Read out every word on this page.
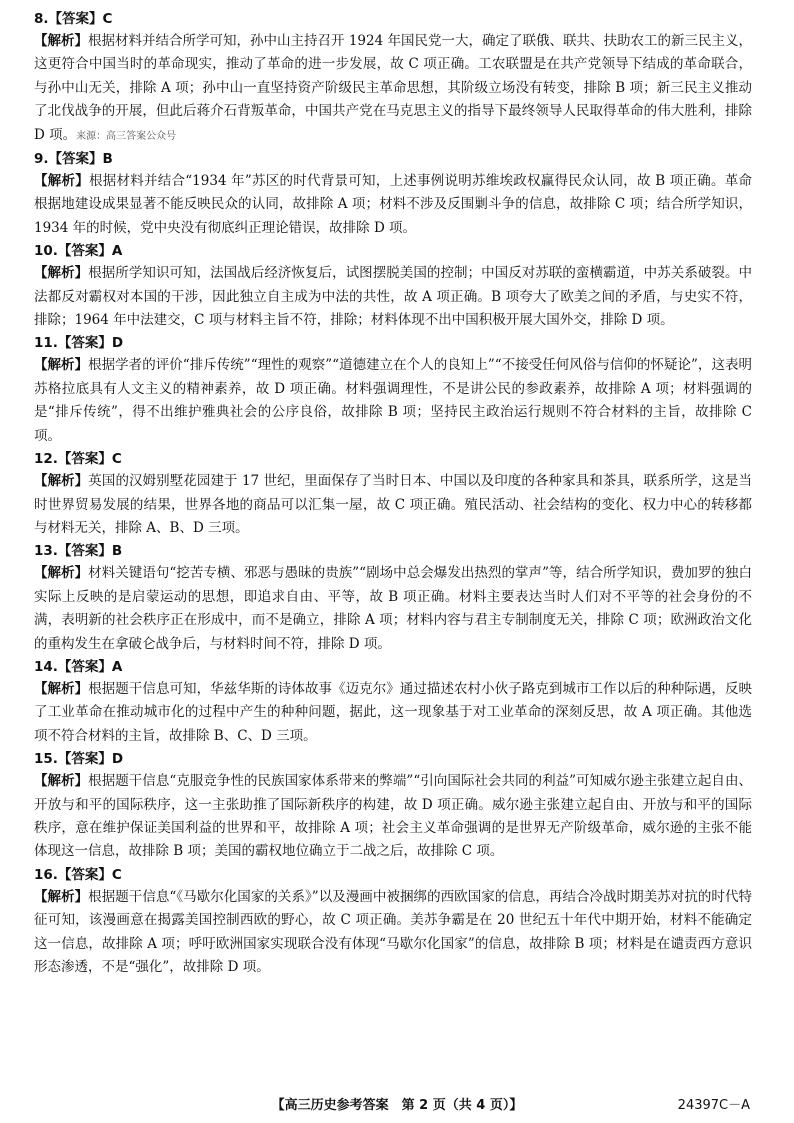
8.【答案】C

【解析】根据材料并结合所学可知，孙中山主持召开 1924 年国民党一大，确定了联俄、联共、扶助农工的新三民主义，这更符合中国当时的革命现实，推动了革命的进一步发展，故 C 项正确。工农联盟是在共产党领导下结成的革命联合，与孙中山无关，排除 A 项；孙中山一直坚持资产阶级民主革命思想，其阶级立场没有转变，排除 B 项；新三民主义推动了北伐战争的开展，但此后蒋介石背叛革命，中国共产党在马克思主义的指导下最终领导人民取得革命的伟大胜利，排除 D 项。来源：高三答案公众号

9.【答案】B

【解析】根据材料并结合“1934 年”苏区的时代背景可知，上述事例说明苏维埃政权赢得民众认同，故 B 项正确。革命根据地建设成果显著不能反映民众的认同，故排除 A 项；材料不涉及反围剿斗争的信息，故排除 C 项；结合所学知识，1934 年的时候，党中央没有彻底纠正理论错误，故排除 D 项。

10.【答案】A

【解析】根据所学知识可知，法国战后经济恢复后，试图摆脱美国的控制；中国反对苏联的蛮横霸道，中苏关系破裂。中法都反对霸权对本国的干涉，因此独立自主成为中法的共性，故 A 项正确。B 项夸大了欧美之间的矛盾，与史实不符，排除；1964 年中法建交，C 项与材料主旨不符，排除；材料体现不出中国积极开展大国外交，排除 D 项。

11.【答案】D

【解析】根据学者的评价“排斥传统”“理性的观察”“道德建立在个人的良知上”“不接受任何风俗与信仰的怀疑论”，这表明苏格拉底具有人文主义的精神素养，故 D 项正确。材料强调理性，不是讲公民的参政素养，故排除 A 项；材料强调的是“排斥传统”，得不出维护雅典社会的公序良俗，故排除 B 项；坚持民主政治运行规则不符合材料的主旨，故排除 C 项。

12.【答案】C

【解析】英国的汉姆别墅花园建于 17 世纪，里面保存了当时日本、中国以及印度的各种家具和茶具，联系所学，这是当时世界贸易发展的结果，世界各地的商品可以汇集一屋，故 C 项正确。殖民活动、社会结构的变化、权力中心的转移都与材料无关，排除 A、B、D 三项。

13.【答案】B

【解析】材料关键语句“挖苦专横、邪恶与愚昧的贵族”“剧场中总会爆发出热烈的掌声”等，结合所学知识，费加罗的独白实际上反映的是启蒙运动的思想，即追求自由、平等，故 B 项正确。材料主要表达当时人们对不平等的社会身份的不满，表明新的社会秩序正在形成中，而不是确立，排除 A 项；材料内容与君主专制制度无关，排除 C 项；欧洲政治文化的重构发生在拿破仑战争后，与材料时间不符，排除 D 项。

14.【答案】A

【解析】根据题干信息可知，华兹华斯的诗体故事《迈克尔》通过描述农村小伙子路克到城市工作以后的种种际遇，反映了工业革命在推动城市化的过程中产生的种种问题，据此，这一现象基于对工业革命的深刻反思，故 A 项正确。其他选项不符合材料的主旨，故排除 B、C、D 三项。

15.【答案】D

【解析】根据题干信息“克服竞争性的民族国家体系带来的弊端”“引向国际社会共同的利益”可知威尔逊主张建立起自由、开放与和平的国际秩序，这一主张助推了国际新秩序的构建，故 D 项正确。威尔逊主张建立起自由、开放与和平的国际秩序，意在维护保证美国利益的世界和平，故排除 A 项；社会主义革命强调的是世界无产阶级革命，威尔逊的主张不能体现这一信息，故排除 B 项；美国的霸权地位确立于二战之后，故排除 C 项。

16.【答案】C

【解析】根据题干信息“《马歇尔化国家的关系》”以及漫画中被捆绑的西欧国家的信息，再结合冷战时期美苏对抗的时代特征可知，该漫画意在揭露美国控制西欧的野心，故 C 项正确。美苏争霸是在 20 世纪五十年代中期开始，材料不能确定这一信息，故排除 A 项；呼吁欧洲国家实现联合没有体现“马歇尔化国家”的信息，故排除 B 项；材料是在谴责西方意识形态渗透，不是“强化”，故排除 D 项。

【高三历史参考答案　第 2 页（共 4 页）】	24397C－A
